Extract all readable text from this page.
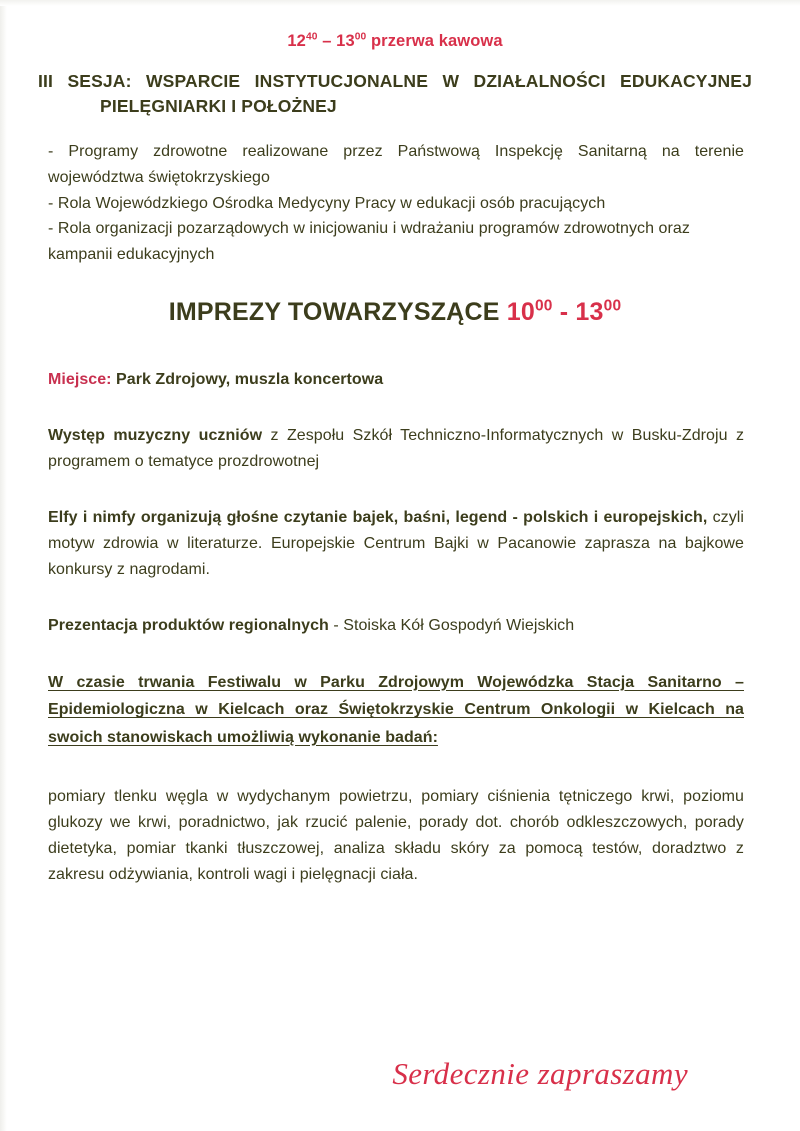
$12^{40} - 13^{00}$ przerwa kawowa

III SESJA: WSPARCIE INSTYTUCJONALNE W DZIAŁALNOŚCI EDUKACYJNEJ
PIELĘGNIARKI I POŁOŻNEJ
- Programy zdrowotne realizowane przez Państwową Inspekcję Sanitarną na terenie województwa świętokrzyskiego
- Rola Wojewódzkiego Ośrodka Medycyny Pracy w edukacji osób pracujących
- Rola organizacji pozarządowych w inicjowaniu i wdrażaniu programów zdrowotnych oraz kampanii edukacyjnych
IMPREZY TOWARZYSZĄCE $10^{00} - 13^{00}$

Miejsce: Park Zdrojowy, muszla koncertowa

Występ muzyczny uczniów z Zespołu Szkół Techniczno-Informatycznych w Busku-Zdroju z programem o tematyce prozdrowotnej

Elfy i nimfy organizują głośne czytanie bajek, baśni, legend - polskich i europejskich, czyli motyw zdrowia w literaturze. Europejskie Centrum Bajki w Pacanowie zaprasza na bajkowe konkursy z nagrodami.

Prezentacja produktów regionalnych - Stoiska Kół Gospodyń Wiejskich

W czasie trwania Festiwalu w Parku Zdrojowym Wojewódzka Stacja Sanitarno – Epidemiologiczna w Kielcach oraz Świętokrzyskie Centrum Onkologii w Kielcach na swoich stanowiskach umożliwią wykonanie badań:

pomiary tlenku węgla w wydychanym powietrzu, pomiary ciśnienia tętniczego krwi, poziomu glukozy we krwi, poradnictwo, jak rzucić palenie, porady dot. chorób odkleszczowych, porady dietetyka, pomiar tkanki tłuszczowej, analiza składu skóry za pomocą testów, doradztwo z zakresu odżywiania, kontroli wagi i pielęgnacji ciała.

Serdecznie zapraszamy
